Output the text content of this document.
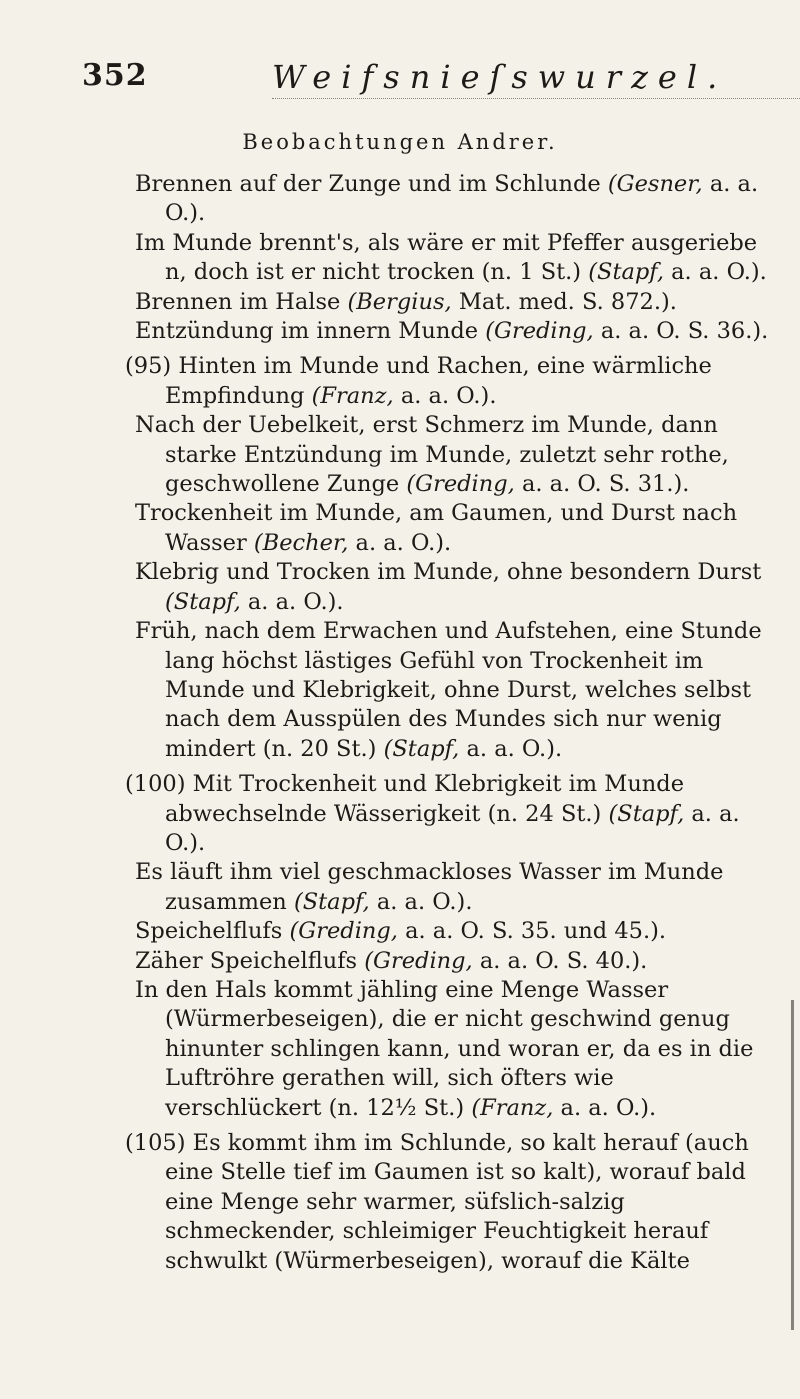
352	Weifsnieſswurzel.
Beobachtungen Andrer.

Brennen auf der Zunge und im Schlunde (Gesner, a. a. O.).

Im Munde brennt's, als wäre er mit Pfeffer ausgeriebe n, doch ist er nicht trocken (n. 1 St.) (Stapf, a. a. O.).

Brennen im Halse (Bergius, Mat. med. S. 872.).

Entzündung im innern Munde (Greding, a. a. O. S. 36.).

(95) Hinten im Munde und Rachen, eine wärmliche Empfindung (Franz, a. a. O.).

Nach der Uebelkeit, erst Schmerz im Munde, dann starke Entzündung im Munde, zuletzt sehr rothe, geschwollene Zunge (Greding, a. a. O. S. 31.).

Trockenheit im Munde, am Gaumen, und Durst nach Wasser (Becher, a. a. O.).

Klebrig und Trocken im Munde, ohne besondern Durst (Stapf, a. a. O.).

Früh, nach dem Erwachen und Aufstehen, eine Stunde lang höchst lästiges Gefühl von Trockenheit im Munde und Klebrigkeit, ohne Durst, welches selbst nach dem Ausspülen des Mundes sich nur wenig mindert (n. 20 St.) (Stapf, a. a. O.).

(100) Mit Trockenheit und Klebrigkeit im Munde abwechselnde Wässerigkeit (n. 24 St.) (Stapf, a. a. O.).

Es läuft ihm viel geschmackloses Wasser im Munde zusammen (Stapf, a. a. O.).

Speichelflufs (Greding, a. a. O. S. 35. und 45.).

Zäher Speichelflufs (Greding, a. a. O. S. 40.).

In den Hals kommt jähling eine Menge Wasser (Würmerbeseigen), die er nicht geschwind genug hinunter schlingen kann, und woran er, da es in die Luftröhre gerathen will, sich öfters wie verschlückert (n. 12½ St.) (Franz, a. a. O.).

(105) Es kommt ihm im Schlunde, so kalt herauf (auch eine Stelle tief im Gaumen ist so kalt), worauf bald eine Menge sehr warmer, süfslich-salzig schmeckender, schleimiger Feuchtigkeit herauf schwulkt (Würmerbeseigen), worauf die Kälte
